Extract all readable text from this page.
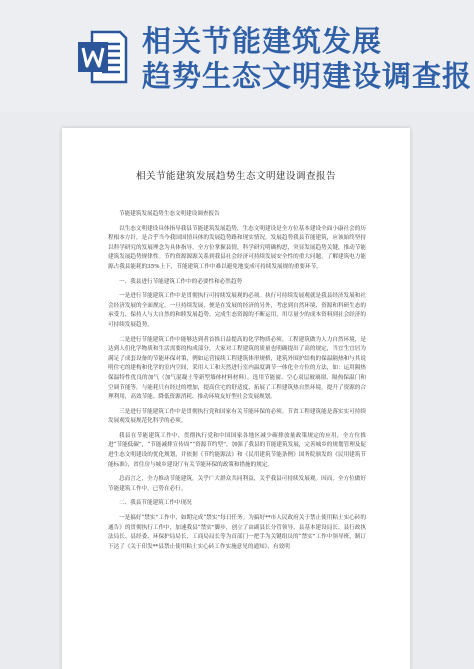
相关节能建筑发展
趋势生态文明建设调查报
相关节能建筑发展趋势生态文明建设调查报告

节能建筑发展趋势生态文明建设调查报告

以生态文明建设具体指导我县节能建筑发展趋势，生态文明建设是全方位基本建设全面小康社会的历程根本方针，是合乎当今我国国情具体的发展趋势路和现实情况，发展趋势我县节能建筑，应该始终坚持以科学研究的发展理念为具体指导，全方位掌握县情，科学研究明确构思，突显发展趋势关键，推动节能建筑发展趋势规律性。节约资源源源关系到我县社会经济可持续发展安全性的重大问题，了解建筑电力能源占我县能耗的35%上下，节能建筑工作中难以避免地变成可持续发展规的重要环节。

一、我县进行节能建筑工作中的必要性和必然趋势

一是进行节能建筑工作中是贯彻执行可持续发展观的必须。执行可持续发展观就是我县经济发展和社会经济发展的全面规定，一旦持续发展，便是在发展的经济的另外，考虑到自然环境、资源和科研生态的承受力，保持人与大自然的和睦发展趋势，完成生态资源的不断运用，用尽量少的成本资料到社会经济的可持续发展趋势。

二是进行节能建筑工作中能够达到者首推日益提高的化学物质必须。工程建筑做为人力自然环境，是达到人们化学物质和生活需要的构成部分，大家对工程建筑的质量也明确提出了高的规定，当宜生宜居为满足了成套设备的节能环保对策，例如运营接续工程建筑体形规格，建筑外围护结构的保温隔热和与其说明住宅的建构和化学的室内空间，采用人工和天然进行室内温度调节一体化全方位的方法，如：运用隔热保温特性优良的加气（加气混凝土等新型墙体材料材料），选用节能窗、空心双层玻璃窗、隔热保温门和空调节能等，与能耗只有经过的增加，提高住宅的舒适度，拓展了工程建筑热自然环境，提升了资源的合理利用，高效节能、降低资源消耗、推动环境友好型社会发展规划。

三是进行节能建筑工作中是贯彻执行党和国家有关节能环保的必须。节省工程建筑能是落实实可持续发展观发展规范化科学的必须。

我县在节能建筑工作中，贯彻执行党和中国国家各地区减少碳排放量政策规定的应用，全方位推进“节能低碳”，“节能减排宣传周”“资源节约型”，加强了我县的节能建筑发展，完善城乡的规划管理及促进生态文明建设的优化规划，并依据《节约能源法》和《民用建筑节能条例》国务院颁发的《民用建筑节能标准》，省住房与城乡建设厅有关节能环保的政策和措施的规定。

总而言之，全力推动节能建筑，关乎广大群众共同利益，关乎我县可持续发展观。因而，全方位做好节能建筑工作中，已势在必行。

二、我县节能建筑工作中现况

一是搞好“禁实”工作中，如期完成“禁实”每日任务。为搞好**市人民政府关于禁止使用粘土实心砖的通告》的贯彻执行工作中，加速我县“禁实”脚步，创立了由副县长分管领导、县基本建设局长、县行政执法局长、县经委、环保护局局长、工商局局长等为首部门一把手为关键组员的“禁实”工作中领导班，制订下达了《关于印发**县禁止使用粘土实心砖工作实施意见的通知》，有效明
